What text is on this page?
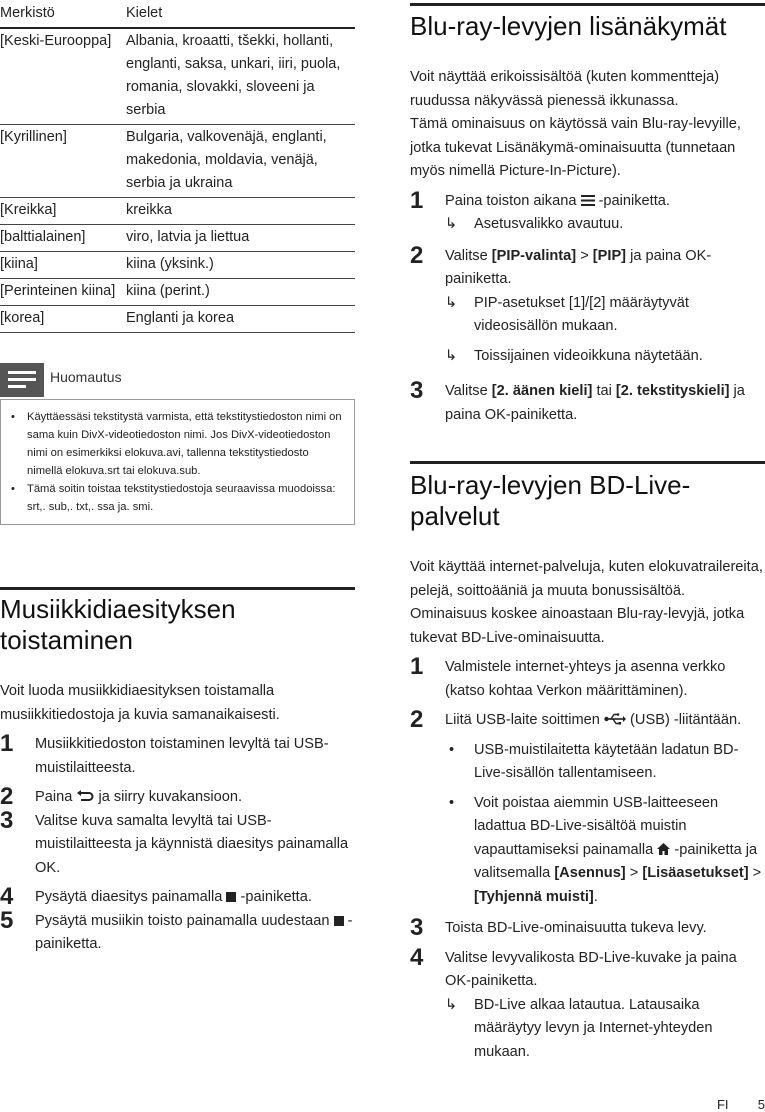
Merkistö	Kielet
[Keski-Eurooppa]	Albania, kroaatti, tšekki, hollanti, englanti, saksa, unkari, iiri, puola, romania, slovakki, sloveeni ja serbia
[Kyrillinen]	Bulgaria, valkovenäjä, englanti, makedonia, moldavia, venäjä, serbia ja ukraina
[Kreikka]	kreikka
[balttialainen]	viro, latvia ja liettua
[kiina]	kiina (yksink.)
[Perinteinen kiina]	kiina (perint.)
[korea]	Englanti ja korea
Huomautus
• Käyttäessäsi tekstitystä varmista, että tekstitystiedoston nimi on sama kuin DivX-videotiedoston nimi. Jos DivX-videotiedoston nimi on esimerkiksi elokuva.avi, tallenna tekstitystiedosto nimellä elokuva.srt tai elokuva.sub.
• Tämä soitin toistaa tekstitystiedostoja seuraavissa muodoissa: srt,. sub,. txt,. ssa ja. smi.
Musiikkidiaesityksen toistaminen

Voit luoda musiikkidiaesityksen toistamalla musiikkitiedostoja ja kuvia samanaikaisesti.

1 Musiikkitiedoston toistaminen levyltä tai USB-muistilaitteesta.
2 Paina ja siirry kuvakansioon.
3 Valitse kuva samalta levyltä tai USB-muistilaitteesta ja käynnistä diaesitys painamalla OK.
4 Pysäytä diaesitys painamalla -painiketta.
5 Pysäytä musiikin toisto painamalla uudestaan -painiketta.
Blu-ray-levyjen lisänäkymät

Voit näyttää erikoissisältöä (kuten kommentteja) ruudussa näkyvässä pienessä ikkunassa.

Tämä ominaisuus on käytössä vain Blu-ray-levyille, jotka tukevat Lisänäkymä-ominaisuutta (tunnetaan myös nimellä Picture-In-Picture).

1 Paina toiston aikana -painiketta.
↳ Asetusvalikko avautuu.
2 Valitse [PIP-valinta] > [PIP] ja paina OK-painiketta.
↳ PIP-asetukset [1]/[2] määräytyvät videosisällön mukaan.
↳ Toissijainen videoikkuna näytetään.
3 Valitse [2. äänen kieli] tai [2. tekstityskieli] ja paina OK-painiketta.
Blu-ray-levyjen BD-Live-palvelut

Voit käyttää internet-palveluja, kuten elokuvatrailereita, pelejä, soittoääniä ja muuta bonussisältöä.

Ominaisuus koskee ainoastaan Blu-ray-levyjä, jotka tukevat BD-Live-ominaisuutta.

1 Valmistele internet-yhteys ja asenna verkko (katso kohtaa Verkon määrittäminen).
2 Liitä USB-laite soittimen (USB) -liitäntään.
• USB-muistilaitetta käytetään ladatun BD-Live-sisällön tallentamiseen.
• Voit poistaa aiemmin USB-laitteeseen ladattua BD-Live-sisältöä muistin vapauttamiseksi painamalla -painiketta ja valitsemalla [Asennus] > [Lisäasetukset] > [Tyhjennä muisti].
3 Toista BD-Live-ominaisuutta tukeva levy.
4 Valitse levyvalikosta BD-Live-kuvake ja paina OK-painiketta.
↳ BD-Live alkaa latautua. Latausaika määräytyy levyn ja Internet-yhteyden mukaan.
FI 5
